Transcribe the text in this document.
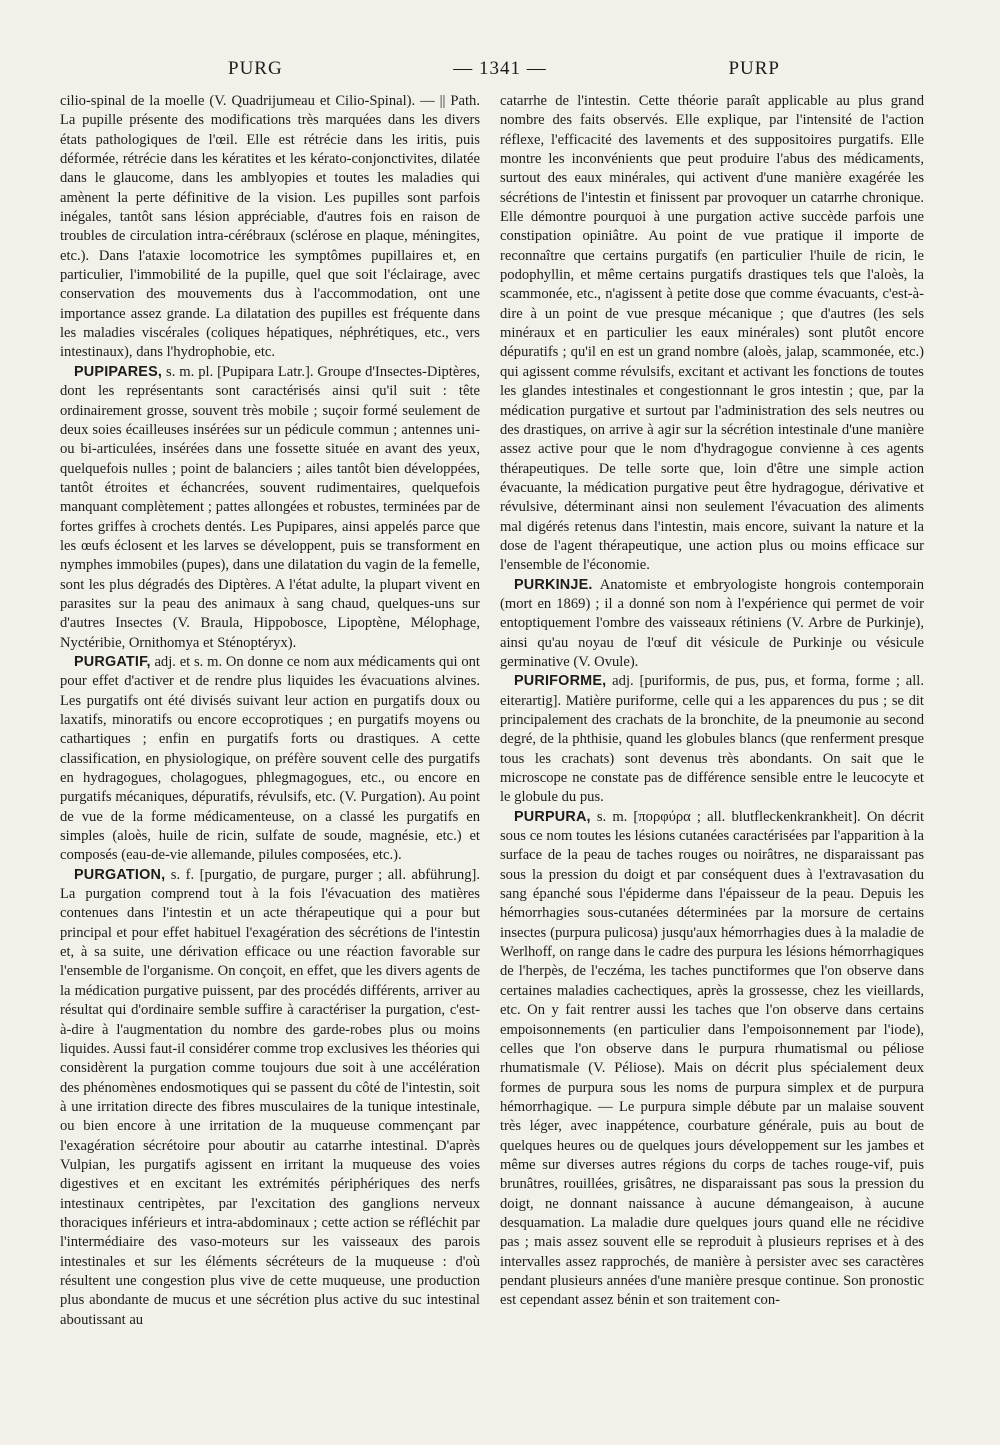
PURG	— 1341 —	PURP

cilio-spinal de la moelle (V. Quadrijumeau et Cilio-Spinal). — || Path. La pupille présente des modifications très marquées dans les divers états pathologiques de l'œil. Elle est rétrécie dans les iritis, puis déformée, rétrécie dans les kératites et les kérato-conjonctivites, dilatée dans le glaucome, dans les amblyopies et toutes les maladies qui amènent la perte définitive de la vision. Les pupilles sont parfois inégales, tantôt sans lésion appréciable, d'autres fois en raison de troubles de circulation intra-cérébraux (sclérose en plaque, méningites, etc.). Dans l'ataxie locomotrice les symptômes pupillaires et, en particulier, l'immobilité de la pupille, quel que soit l'éclairage, avec conservation des mouvements dus à l'accommodation, ont une importance assez grande. La dilatation des pupilles est fréquente dans les maladies viscérales (coliques hépatiques, néphrétiques, etc., vers intestinaux), dans l'hydrophobie, etc.

PUPIPARES, s. m. pl. [Pupipara Latr.]. Groupe d'Insectes-Diptères, dont les représentants sont caractérisés ainsi qu'il suit : tête ordinairement grosse, souvent très mobile ; suçoir formé seulement de deux soies écailleuses insérées sur un pédicule commun ; antennes uni- ou bi-articulées, insérées dans une fossette située en avant des yeux, quelquefois nulles ; point de balanciers ; ailes tantôt bien développées, tantôt étroites et échancrées, souvent rudimentaires, quelquefois manquant complètement ; pattes allongées et robustes, terminées par de fortes griffes à crochets dentés. Les Pupipares, ainsi appelés parce que les œufs éclosent et les larves se développent, puis se transforment en nymphes immobiles (pupes), dans une dilatation du vagin de la femelle, sont les plus dégradés des Diptères. A l'état adulte, la plupart vivent en parasites sur la peau des animaux à sang chaud, quelques-uns sur d'autres Insectes (V. Braula, Hippobosce, Lipoptène, Mélophage, Nyctéribie, Ornithomya et Sténoptéryx).

PURGATIF, adj. et s. m. On donne ce nom aux médicaments qui ont pour effet d'activer et de rendre plus liquides les évacuations alvines. Les purgatifs ont été divisés suivant leur action en purgatifs doux ou laxatifs, minoratifs ou encore eccoprotiques ; en purgatifs moyens ou cathartiques ; enfin en purgatifs forts ou drastiques. A cette classification, en physiologique, on préfère souvent celle des purgatifs en hydragogues, cholagogues, phlegmagogues, etc., ou encore en purgatifs mécaniques, dépuratifs, révulsifs, etc. (V. Purgation). Au point de vue de la forme médicamenteuse, on a classé les purgatifs en simples (aloès, huile de ricin, sulfate de soude, magnésie, etc.) et composés (eau-de-vie allemande, pilules composées, etc.).

PURGATION, s. f. [purgatio, de purgare, purger ; all. abführung]. La purgation comprend tout à la fois l'évacuation des matières contenues dans l'intestin et un acte thérapeutique qui a pour but principal et pour effet habituel l'exagération des sécrétions de l'intestin et, à sa suite, une dérivation efficace ou une réaction favorable sur l'ensemble de l'organisme. On conçoit, en effet, que les divers agents de la médication purgative puissent, par des procédés différents, arriver au résultat qui d'ordinaire semble suffire à caractériser la purgation, c'est-à-dire à l'augmentation du nombre des garde-robes plus ou moins liquides. Aussi faut-il considérer comme trop exclusives les théories qui considèrent la purgation comme toujours due soit à une accélération des phénomènes endosmotiques qui se passent du côté de l'intestin, soit à une irritation directe des fibres musculaires de la tunique intestinale, ou bien encore à une irritation de la muqueuse commençant par l'exagération sécrétoire pour aboutir au catarrhe intestinal. D'après Vulpian, les purgatifs agissent en irritant la muqueuse des voies digestives et en excitant les extrémités périphériques des nerfs intestinaux centripètes, par l'excitation des ganglions nerveux thoraciques inférieurs et intra-abdominaux ; cette action se réfléchit par l'intermédiaire des vaso-moteurs sur les vaisseaux des parois intestinales et sur les éléments sécréteurs de la muqueuse : d'où résultent une congestion plus vive de cette muqueuse, une production plus abondante de mucus et une sécrétion plus active du suc intestinal aboutissant au

catarrhe de l'intestin. Cette théorie paraît applicable au plus grand nombre des faits observés. Elle explique, par l'intensité de l'action réflexe, l'efficacité des lavements et des suppositoires purgatifs. Elle montre les inconvénients que peut produire l'abus des médicaments, surtout des eaux minérales, qui activent d'une manière exagérée les sécrétions de l'intestin et finissent par provoquer un catarrhe chronique. Elle démontre pourquoi à une purgation active succède parfois une constipation opiniâtre. Au point de vue pratique il importe de reconnaître que certains purgatifs (en particulier l'huile de ricin, le podophyllin, et même certains purgatifs drastiques tels que l'aloès, la scammonée, etc., n'agissent à petite dose que comme évacuants, c'est-à-dire à un point de vue presque mécanique ; que d'autres (les sels minéraux et en particulier les eaux minérales) sont plutôt encore dépuratifs ; qu'il en est un grand nombre (aloès, jalap, scammonée, etc.) qui agissent comme révulsifs, excitant et activant les fonctions de toutes les glandes intestinales et congestionnant le gros intestin ; que, par la médication purgative et surtout par l'administration des sels neutres ou des drastiques, on arrive à agir sur la sécrétion intestinale d'une manière assez active pour que le nom d'hydragogue convienne à ces agents thérapeutiques. De telle sorte que, loin d'être une simple action évacuante, la médication purgative peut être hydragogue, dérivative et révulsive, déterminant ainsi non seulement l'évacuation des aliments mal digérés retenus dans l'intestin, mais encore, suivant la nature et la dose de l'agent thérapeutique, une action plus ou moins efficace sur l'ensemble de l'économie.

PURKINJE. Anatomiste et embryologiste hongrois contemporain (mort en 1869) ; il a donné son nom à l'expérience qui permet de voir entoptiquement l'ombre des vaisseaux rétiniens (V. Arbre de Purkinje), ainsi qu'au noyau de l'œuf dit vésicule de Purkinje ou vésicule germinative (V. Ovule).

PURIFORME, adj. [puriformis, de pus, pus, et forma, forme ; all. eiterartig]. Matière puriforme, celle qui a les apparences du pus ; se dit principalement des crachats de la bronchite, de la pneumonie au second degré, de la phthisie, quand les globules blancs (que renferment presque tous les crachats) sont devenus très abondants. On sait que le microscope ne constate pas de différence sensible entre le leucocyte et le globule du pus.

PURPURA, s. m. [πορφύρα ; all. blutfleckenkrankheit]. On décrit sous ce nom toutes les lésions cutanées caractérisées par l'apparition à la surface de la peau de taches rouges ou noirâtres, ne disparaissant pas sous la pression du doigt et par conséquent dues à l'extravasation du sang épanché sous l'épiderme dans l'épaisseur de la peau. Depuis les hémorrhagies sous-cutanées déterminées par la morsure de certains insectes (purpura pulicosa) jusqu'aux hémorrhagies dues à la maladie de Werlhoff, on range dans le cadre des purpura les lésions hémorrhagiques de l'herpès, de l'eczéma, les taches punctiformes que l'on observe dans certaines maladies cachectiques, après la grossesse, chez les vieillards, etc. On y fait rentrer aussi les taches que l'on observe dans certains empoisonnements (en particulier dans l'empoisonnement par l'iode), celles que l'on observe dans le purpura rhumatismal ou péliose rhumatismale (V. Péliose). Mais on décrit plus spécialement deux formes de purpura sous les noms de purpura simplex et de purpura hémorrhagique. — Le purpura simple débute par un malaise souvent très léger, avec inappétence, courbature générale, puis au bout de quelques heures ou de quelques jours développement sur les jambes et même sur diverses autres régions du corps de taches rouge-vif, puis brunâtres, rouillées, grisâtres, ne disparaissant pas sous la pression du doigt, ne donnant naissance à aucune démangeaison, à aucune desquamation. La maladie dure quelques jours quand elle ne récidive pas ; mais assez souvent elle se reproduit à plusieurs reprises et à des intervalles assez rapprochés, de manière à persister avec ses caractères pendant plusieurs années d'une manière presque continue. Son pronostic est cependant assez bénin et son traitement con-
